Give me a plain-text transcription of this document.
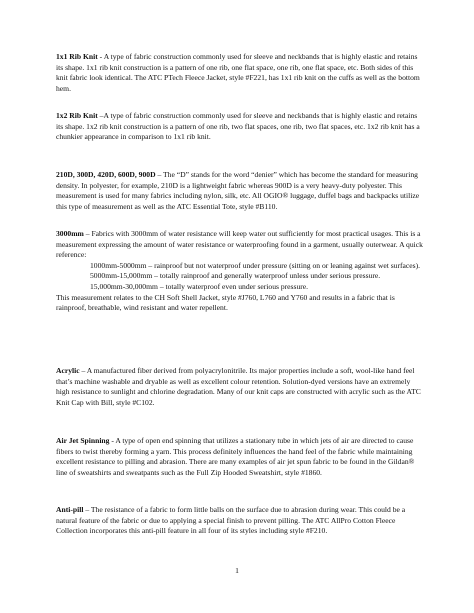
1x1 Rib Knit - A type of fabric construction commonly used for sleeve and neckbands that is highly elastic and retains its shape. 1x1 rib knit construction is a pattern of one rib, one flat space, one rib, one flat space, etc. Both sides of this knit fabric look identical. The ATC PTech Fleece Jacket, style #F221, has 1x1 rib knit on the cuffs as well as the bottom hem.

1x2 Rib Knit –A type of fabric construction commonly used for sleeve and neckbands that is highly elastic and retains its shape. 1x2 rib knit construction is a pattern of one rib, two flat spaces, one rib, two flat spaces, etc. 1x2 rib knit has a chunkier appearance in comparison to 1x1 rib knit.

210D, 300D, 420D, 600D, 900D – The “D” stands for the word “denier” which has become the standard for measuring density. In polyester, for example, 210D is a lightweight fabric whereas 900D is a very heavy-duty polyester. This measurement is used for many fabrics including nylon, silk, etc. All OGIO® luggage, duffel bags and backpacks utilize this type of measurement as well as the ATC Essential Tote, style #B110.

3000mm – Fabrics with 3000mm of water resistance will keep water out sufficiently for most practical usages. This is a measurement expressing the amount of water resistance or waterproofing found in a garment, usually outerwear. A quick reference:

1000mm-5000mm – rainproof but not waterproof under pressure (sitting on or leaning against wet surfaces).

5000mm-15,000mm – totally rainproof and generally waterproof unless under serious pressure.

15,000mm-30,000mm – totally waterproof even under serious pressure.

This measurement relates to the CH Soft Shell Jacket, style #J760, L760 and Y760 and results in a fabric that is rainproof, breathable, wind resistant and water repellent.

Acrylic – A manufactured fiber derived from polyacrylonitrile. Its major properties include a soft, wool-like hand feel that’s machine washable and dryable as well as excellent colour retention. Solution-dyed versions have an extremely high resistance to sunlight and chlorine degradation. Many of our knit caps are constructed with acrylic such as the ATC Knit Cap with Bill, style #C102.

Air Jet Spinning - A type of open end spinning that utilizes a stationary tube in which jets of air are directed to cause fibers to twist thereby forming a yarn. This process definitely influences the hand feel of the fabric while maintaining excellent resistance to pilling and abrasion. There are many examples of air jet spun fabric to be found in the Gildan® line of sweatshirts and sweatpants such as the Full Zip Hooded Sweatshirt, style #1860.

Anti-pill – The resistance of a fabric to form little balls on the surface due to abrasion during wear. This could be a natural feature of the fabric or due to applying a special finish to prevent pilling. The ATC AllPro Cotton Fleece Collection incorporates this anti-pill feature in all four of its styles including style #F210.

1
